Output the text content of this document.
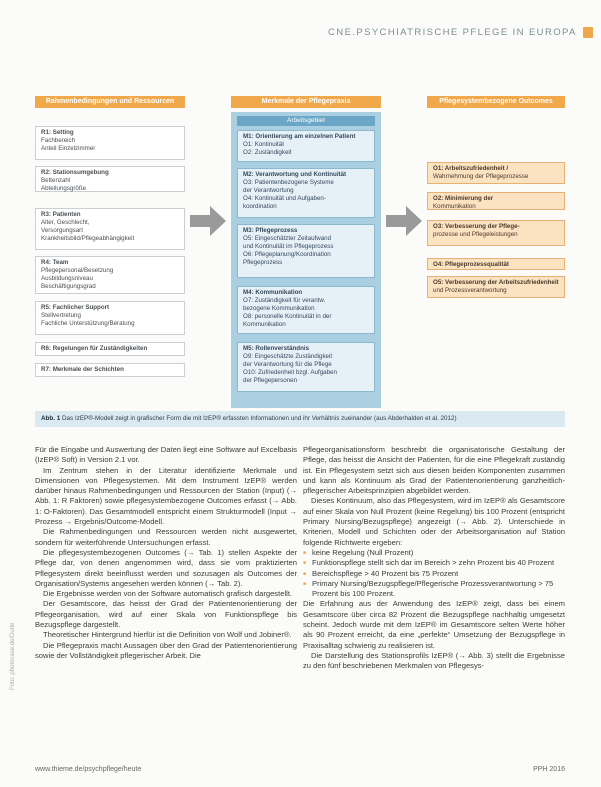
CNE.PSYCHIATRISCHE PFLEGE IN EUROPA

Rahmenbedingungen und Ressourcen	Merkmale der Pflegepraxis	Pflegesystembezogene Outcomes
R1: Setting
Fachbereich
Anteil Einzelzimmer
R2: Stationsumgebung
Bettenzahl
Abteilungsgröße
R3: Patienten
Alter, Geschlecht,
Versorgungsart
Krankheitsbild/Pflegeabhängigkeit
R4: Team
Pflegepersonal/Besetzung
Ausbildungsniveau
Beschäftigungsgrad
R5: Fachlicher Support
Stellvertretung
Fachliche Unterstützung/Beratung
R6: Regelungen für Zuständigkeiten
R7: Merkmale der Schichten
Arbeitsgebiet
M1: Orientierung am einzelnen Patient
O1: Kontinuität
O2: Zuständigkeit
M2: Verantwortung und Kontinuität
O3: Patientenbezogene Systeme
der Verantwortung
O4: Kontinuität und Aufgaben-
koordination
M3: Pflegeprozess
O5: Eingeschätzter Zeitaufwand
und Kontinuität im Pflegeprozess
O6: Pflegeplanung/Koordination
Pflegeprozess
M4: Kommunikation
O7: Zuständigkeit für verantw.
bezogene Kommunikation
O8: personelle Kontinuität in der
Kommunikation
M5: Rollenverständnis
O9: Eingeschätzte Zuständigkeit
der Verantwortung für die Pflege
O10: Zufriedenheit bzgl. Aufgaben
der Pflegepersonen
O1: Arbeitszufriedenheit /
Wahrnehmung der Pflegeprozesse
O2: Minimierung der
Kommunikation
O3: Verbesserung der Pflege-
prozesse und Pflegeleistungen
O4: Pflegeprozessqualität
O5: Verbesserung der Arbeitszufriedenheit
und Prozessverantwortung
Abb. 1 Das IzEP®-Modell zeigt in grafischer Form die mit IzEP® erfassten Informationen und ihr Verhältnis zueinander (aus Abderhalden et al. 2012)

Für die Eingabe und Auswertung der Daten liegt eine Software auf Excelbasis (IzEP® Soft) in Version 2.1 vor.

Im Zentrum stehen in der Literatur identifizierte Merkmale und Dimensionen von Pflegesystemen. Mit dem Instrument IzEP® werden darüber hinaus Rahmenbedingungen und Ressourcen der Station (Input) (→ Abb. 1: R Faktoren) sowie pflegesystembezogene Outcomes erfasst (→ Abb. 1: O-Faktoren). Das Gesamtmodell entspricht einem Strukturmodell (Input → Prozess → Ergebnis/Outcome-Modell.

Die Rahmenbedingungen und Ressourcen werden nicht ausgewertet, sondern für weiterführende Untersuchungen erfasst.

Die pflegesystembezogenen Outcomes (→ Tab. 1) stellen Aspekte der Pflege dar, von denen angenommen wird, dass sie vom praktizierten Pflegesystem direkt beeinflusst werden und sozusagen als Outcomes der Organisation/Systems angesehen werden können (→ Tab. 2).

Die Ergebnisse werden von der Software automatisch grafisch dargestellt.

Der Gesamtscore, das heisst der Grad der Patientenorientierung der Pflegeorganisation, wird auf einer Skala von Funktionspflege bis Bezugspflege dargestellt.

Theoretischer Hintergrund hierfür ist die Definition von Wolf und Jobiner®.

Die Pflegepraxis macht Aussagen über den Grad der Patientenorientierung sowie der Vollständigkeit pflegerischer Arbeit. Die

Pflegeorganisationsform beschreibt die organisatorische Gestaltung der Pflege, das heisst die Ansicht der Patienten, für die eine Pflegekraft zuständig ist. Ein Pflegesystem setzt sich aus diesen beiden Komponenten zusammen und kann als Kontinuum als Grad der Patientenorientierung ganzheitlich-pflegerischer Arbeitsprinzipien abgebildet werden.

Dieses Kontinuum, also das Pflegesystem, wird im IzEP® als Gesamtscore auf einer Skala von Null Prozent (keine Regelung) bis 100 Prozent (entspricht Primary Nursing/Bezugspflege) angezeigt (→ Abb. 2). Unterschiede in Kriterien, Modell und Schichten oder der Arbeitsorganisation auf Station folgende Richtwerte ergeben:

■ keine Regelung (Null Prozent)
■ Funktionspflege stellt sich dar im Bereich > zehn Prozent bis 40 Prozent
■ Bereichspflege > 40 Prozent bis 75 Prozent
■ Primary Nursing/Bezugspflege/Pflegerische Prozessverantwortung > 75 Prozent bis 100 Prozent.

Die Erfahrung aus der Anwendung des IzEP® zeigt, dass bei einem Gesamtscore über circa 82 Prozent die Bezugspflege nachhaltig umgesetzt scheint. Jedoch wurde mit dem IzEP® im Gesamtscore selten Werte höher als 90 Prozent erreicht, da eine „perfekte“ Umsetzung der Bezugspflege in Praxisalltag schwierig zu realisieren ist.

Die Darstellung des Stationsprofils IzEP® (→ Abb. 3) stellt die Ergebnisse zu den fünf beschriebenen Merkmalen von Pflegesys-

Foto: photocase.de/Dude
www.thieme.de/psychpflege/heute	PPH 2016
